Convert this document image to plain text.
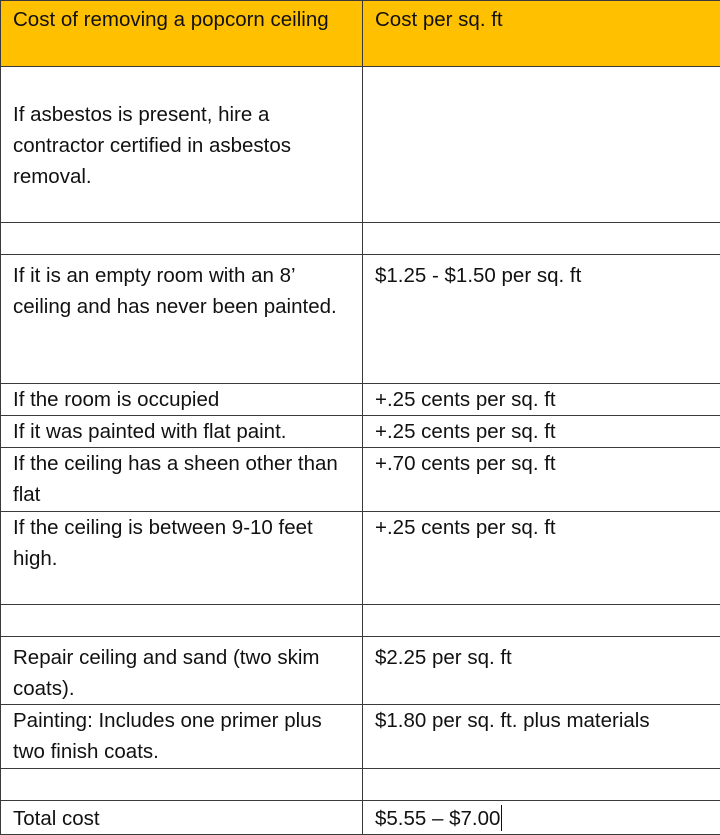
Cost of removing a popcorn ceiling	Cost per sq. ft
If asbestos is present, hire a contractor certified in asbestos removal.	

If it is an empty room with an 8’ ceiling and has never been painted.	$1.25 - $1.50 per sq. ft
If the room is occupied	+.25 cents per sq. ft
If it was painted with flat paint.	+.25 cents per sq. ft
If the ceiling has a sheen other than flat	+.70 cents per sq. ft
If the ceiling is between 9-10 feet high.	+.25 cents per sq. ft

Repair ceiling and sand (two skim coats).	$2.25 per sq. ft
Painting: Includes one primer plus two finish coats.	$1.80 per sq. ft. plus materials

Total cost	$5.55 – $7.00
